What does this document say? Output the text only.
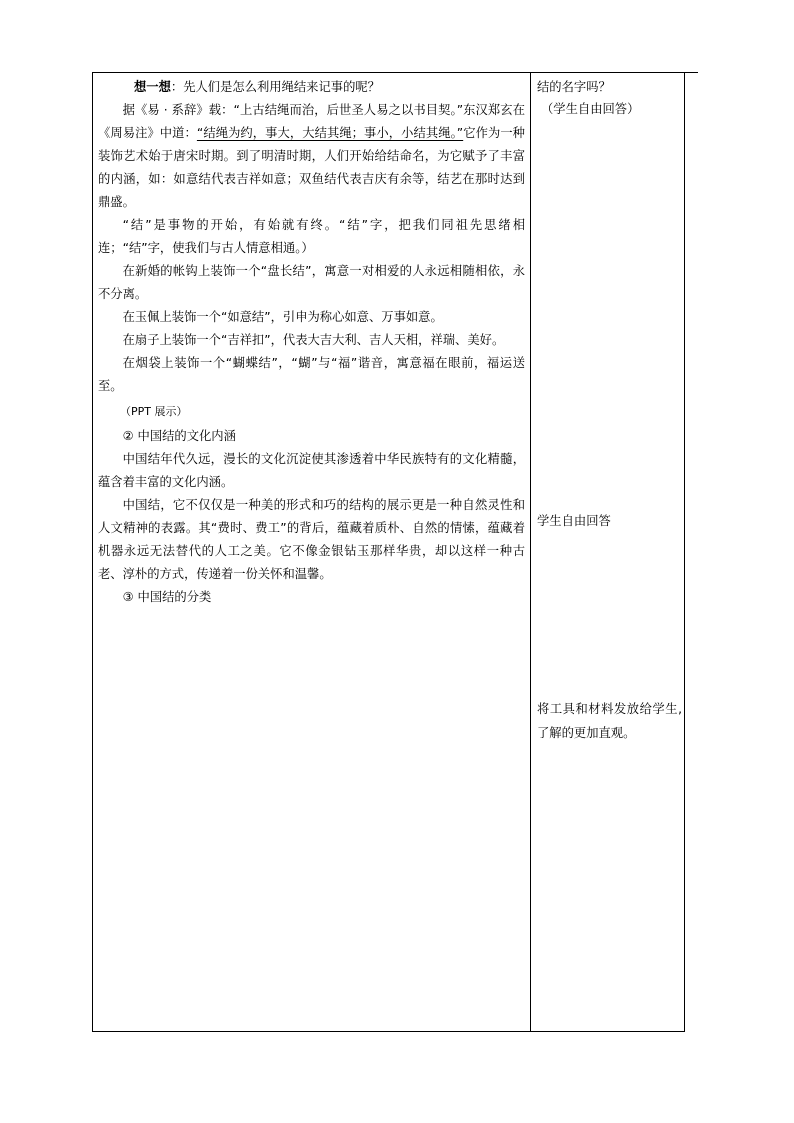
想一想：先人们是怎么利用绳结来记事的呢？

据《易 · 系辞》载：“上古结绳而治，后世圣人易之以书目契。”东汉郑玄在《周易注》中道：“结绳为约，事大，大结其绳；事小，小结其绳。”它作为一种装饰艺术始于唐宋时期。到了明清时期，人们开始给结命名，为它赋予了丰富的内涵，如：如意结代表吉祥如意；双鱼结代表吉庆有余等，结艺在那时达到鼎盛。

“结”是事物的开始，有始就有终。“结”字，把我们同祖先思绪相连；“结”字，使我们与古人情意相通。）

在新婚的帐钩上装饰一个“盘长结”，寓意一对相爱的人永远相随相依，永不分离。

在玉佩上装饰一个“如意结”，引申为称心如意、万事如意。

在扇子上装饰一个“吉祥扣”，代表大吉大利、吉人天相，祥瑞、美好。

在烟袋上装饰一个“蝴蝶结”，“蝴”与“福”谐音，寓意福在眼前，福运送至。

（PPT 展示）

② 中国结的文化内涵

中国结年代久远，漫长的文化沉淀使其渗透着中华民族特有的文化精髓，蕴含着丰富的文化内涵。

中国结，它不仅仅是一种美的形式和巧的结构的展示更是一种自然灵性和人文精神的表露。其“费时、费工”的背后，蕴藏着质朴、自然的情愫，蕴藏着机器永远无法替代的人工之美。它不像金银钻玉那样华贵，却以这样一种古老、淳朴的方式，传递着一份关怀和温馨。

③ 中国结的分类

结的名字吗？

（学生自由回答）

学生自由回答

将工具和材料发放给学生,了解的更加直观。
